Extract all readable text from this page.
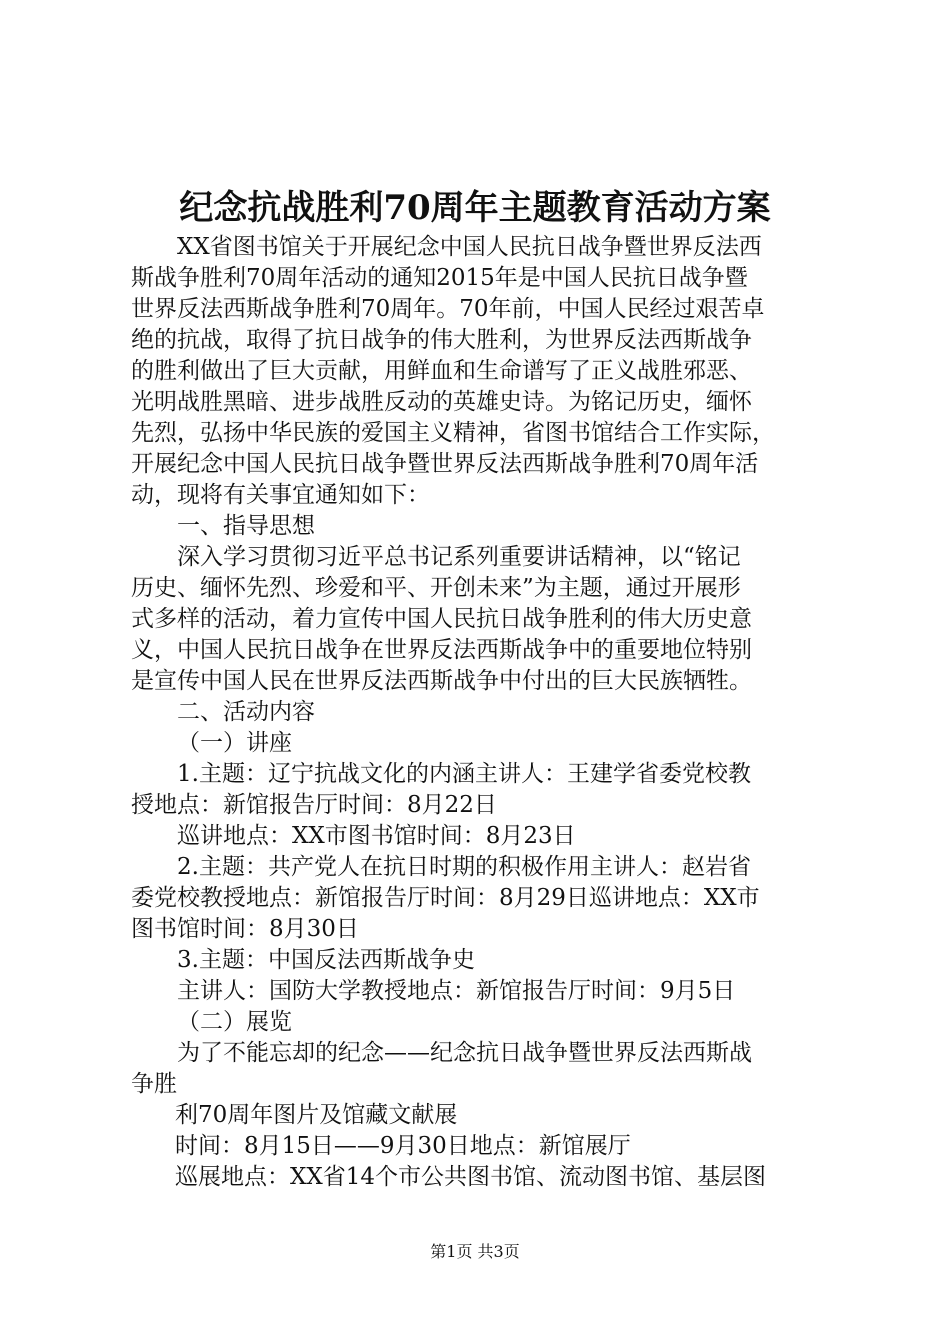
纪念抗战胜利70周年主题教育活动方案

XX省图书馆关于开展纪念中国人民抗日战争暨世界反法西

斯战争胜利70周年活动的通知2015年是中国人民抗日战争暨

世界反法西斯战争胜利70周年。70年前，中国人民经过艰苦卓

绝的抗战，取得了抗日战争的伟大胜利，为世界反法西斯战争

的胜利做出了巨大贡献，用鲜血和生命谱写了正义战胜邪恶、

光明战胜黑暗、进步战胜反动的英雄史诗。为铭记历史，缅怀

先烈，弘扬中华民族的爱国主义精神，省图书馆结合工作实际，

开展纪念中国人民抗日战争暨世界反法西斯战争胜利70周年活

动，现将有关事宜通知如下：

一、指导思想

深入学习贯彻习近平总书记系列重要讲话精神，以“铭记

历史、缅怀先烈、珍爱和平、开创未来”为主题，通过开展形

式多样的活动，着力宣传中国人民抗日战争胜利的伟大历史意

义，中国人民抗日战争在世界反法西斯战争中的重要地位特别

是宣传中国人民在世界反法西斯战争中付出的巨大民族牺牲。

二、活动内容

（一）讲座

1.主题：辽宁抗战文化的内涵主讲人：王建学省委党校教

授地点：新馆报告厅时间：8月22日

巡讲地点：XX市图书馆时间：8月23日

2.主题：共产党人在抗日时期的积极作用主讲人：赵岩省

委党校教授地点：新馆报告厅时间：8月29日巡讲地点：XX市

图书馆时间：8月30日

3.主题：中国反法西斯战争史

主讲人：国防大学教授地点：新馆报告厅时间：9月5日

（二）展览

为了不能忘却的纪念——纪念抗日战争暨世界反法西斯战

争胜

利70周年图片及馆藏文献展

时间：8月15日——9月30日地点：新馆展厅

巡展地点：XX省14个市公共图书馆、流动图书馆、基层图

第1页 共3页
